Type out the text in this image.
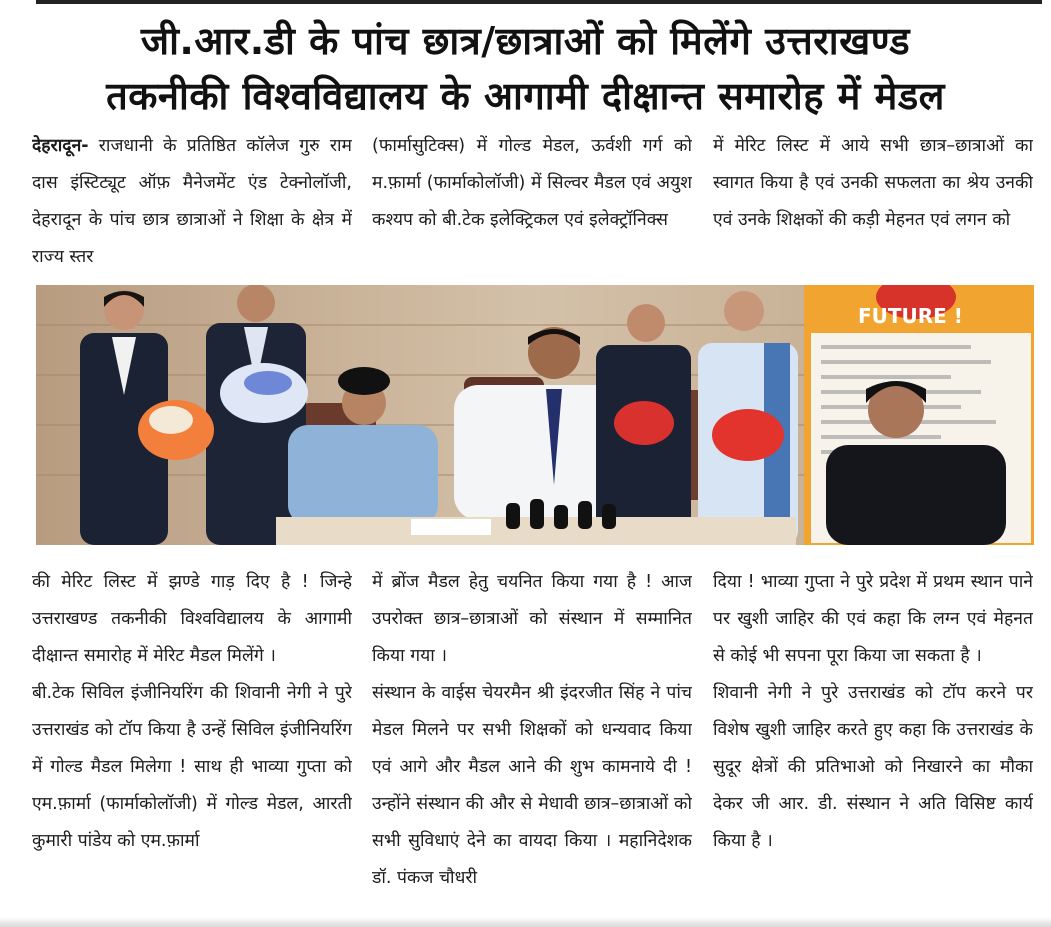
जी.आर.डी के पांच छात्र/छात्राओं को मिलेंगे उत्तराखण्ड
तकनीकी विश्वविद्यालय के आगामी दीक्षान्त समारोह में मेडल

देहरादून- राजधानी के प्रतिष्ठित कॉलेज गुरु राम दास इंस्टिट्यूट ऑफ़ मैनेजमेंट एंड टेक्नोलॉजी, देहरादून के पांच छात्र छात्राओं ने शिक्षा के क्षेत्र में राज्य स्तर

(फार्मासुटिक्स) में गोल्ड मेडल, ऊर्वशी गर्ग को म.फ़ार्मा (फार्माकोलॉजी) में सिल्वर मैडल एवं अयुश कश्यप को बी.टेक इलेक्ट्रिकल एवं इलेक्ट्रॉनिक्स

में मेरिट लिस्ट में आये सभी छात्र–छात्राओं का स्वागत किया है एवं उनकी सफलता का श्रेय उनकी एवं उनके शिक्षकों की कड़ी मेहनत एवं लगन को

FUTURE !

की मेरिट लिस्ट में झण्डे गाड़ दिए है ! जिन्हे उत्तराखण्ड तकनीकी विश्वविद्यालय के आगामी दीक्षान्त समारोह में मेरिट मैडल मिलेंगे ।

बी.टेक सिविल इंजीनियरिंग की शिवानी नेगी ने पुरे उत्तराखंड को टॉप किया है उन्हें सिविल इंजीनियरिंग में गोल्ड मैडल मिलेगा ! साथ ही भाव्या गुप्ता को एम.फ़ार्मा (फार्माकोलॉजी) में गोल्ड मेडल, आरती कुमारी पांडेय को एम.फ़ार्मा

में ब्रोंज मैडल हेतु चयनित किया गया है ! आज उपरोक्त छात्र–छात्राओं को संस्थान में सम्मानित किया गया ।

संस्थान के वाईस चेयरमैन श्री इंदरजीत सिंह ने पांच मेडल मिलने पर सभी शिक्षकों को धन्यवाद किया एवं आगे और मैडल आने की शुभ कामनाये दी ! उन्होंने संस्थान की और से मेधावी छात्र–छात्राओं को सभी सुविधाएं देने का वायदा किया । महानिदेशक डॉ. पंकज चौधरी

दिया ! भाव्या गुप्ता ने पुरे प्रदेश में प्रथम स्थान पाने पर खुशी जाहिर की एवं कहा कि लग्न एवं मेहनत से कोई भी सपना पूरा किया जा सकता है ।

शिवानी नेगी ने पुरे उत्तराखंड को टॉप करने पर विशेष खुशी जाहिर करते हुए कहा कि उत्तराखंड के सुदूर क्षेत्रों की प्रतिभाओ को निखारने का मौका देकर जी आर. डी. संस्थान ने अति विसिष्ट कार्य किया है ।
